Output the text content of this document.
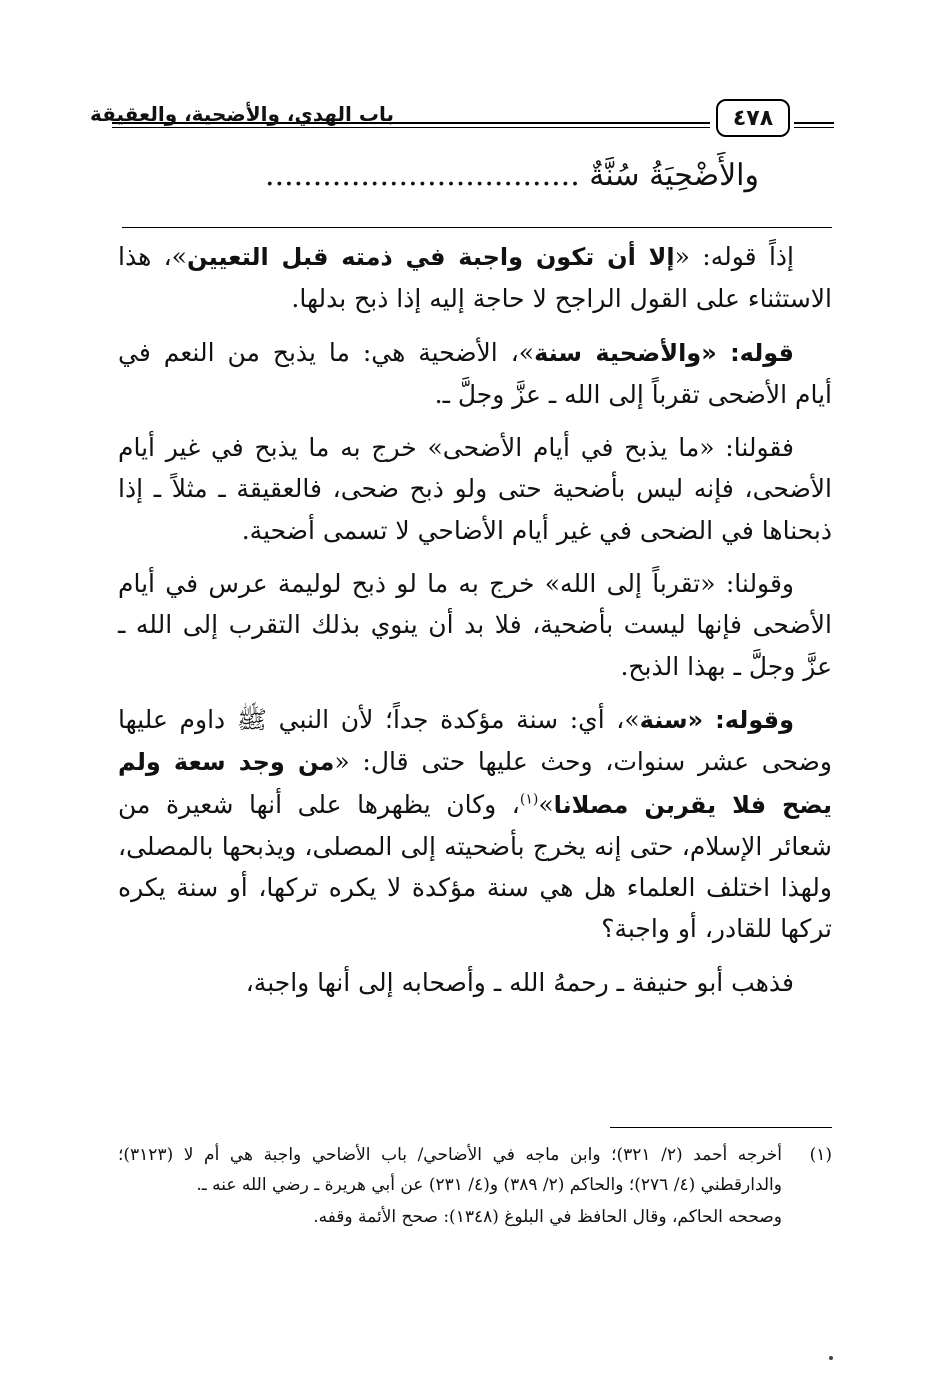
باب الهدي، والأضحية، والعقيقة	٤٧٨
والأَضْحِيَةُ سُنَّةٌ .................................

إذاً قوله: «إلا أن تكون واجبة في ذمته قبل التعيين»، هذا الاستثناء على القول الراجح لا حاجة إليه إذا ذبح بدلها.

قوله: «والأضحية سنة»، الأضحية هي: ما يذبح من النعم في أيام الأضحى تقرباً إلى الله ـ عزَّ وجلَّ ـ.

فقولنا: «ما يذبح في أيام الأضحى» خرج به ما يذبح في غير أيام الأضحى، فإنه ليس بأضحية حتى ولو ذبح ضحى، فالعقيقة ـ مثلاً ـ إذا ذبحناها في الضحى في غير أيام الأضاحي لا تسمى أضحية.

وقولنا: «تقرباً إلى الله» خرج به ما لو ذبح لوليمة عرس في أيام الأضحى فإنها ليست بأضحية، فلا بد أن ينوي بذلك التقرب إلى الله ـ عزَّ وجلَّ ـ بهذا الذبح.

وقوله: «سنة»، أي: سنة مؤكدة جداً؛ لأن النبي ﷺ داوم عليها وضحى عشر سنوات، وحث عليها حتى قال: «من وجد سعة ولم يضح فلا يقربن مصلانا»$^{(١)}$، وكان يظهرها على أنها شعيرة من شعائر الإسلام، حتى إنه يخرج بأضحيته إلى المصلى، ويذبحها بالمصلى، ولهذا اختلف العلماء هل هي سنة مؤكدة لا يكره تركها، أو سنة يكره تركها للقادر، أو واجبة؟

فذهب أبو حنيفة ـ رحمهُ الله ـ وأصحابه إلى أنها واجبة،

(١)
أخرجه أحمد (٢/ ٣٢١)؛ وابن ماجه في الأضاحي/ باب الأضاحي واجبة هي أم لا (٣١٢٣)؛ والدارقطني (٤/ ٢٧٦)؛ والحاكم (٢/ ٣٨٩) و(٤/ ٢٣١) عن أبي هريرة ـ رضي الله عنه ـ.
وصححه الحاكم، وقال الحافظ في البلوغ (١٣٤٨): صحح الأئمة وقفه.
